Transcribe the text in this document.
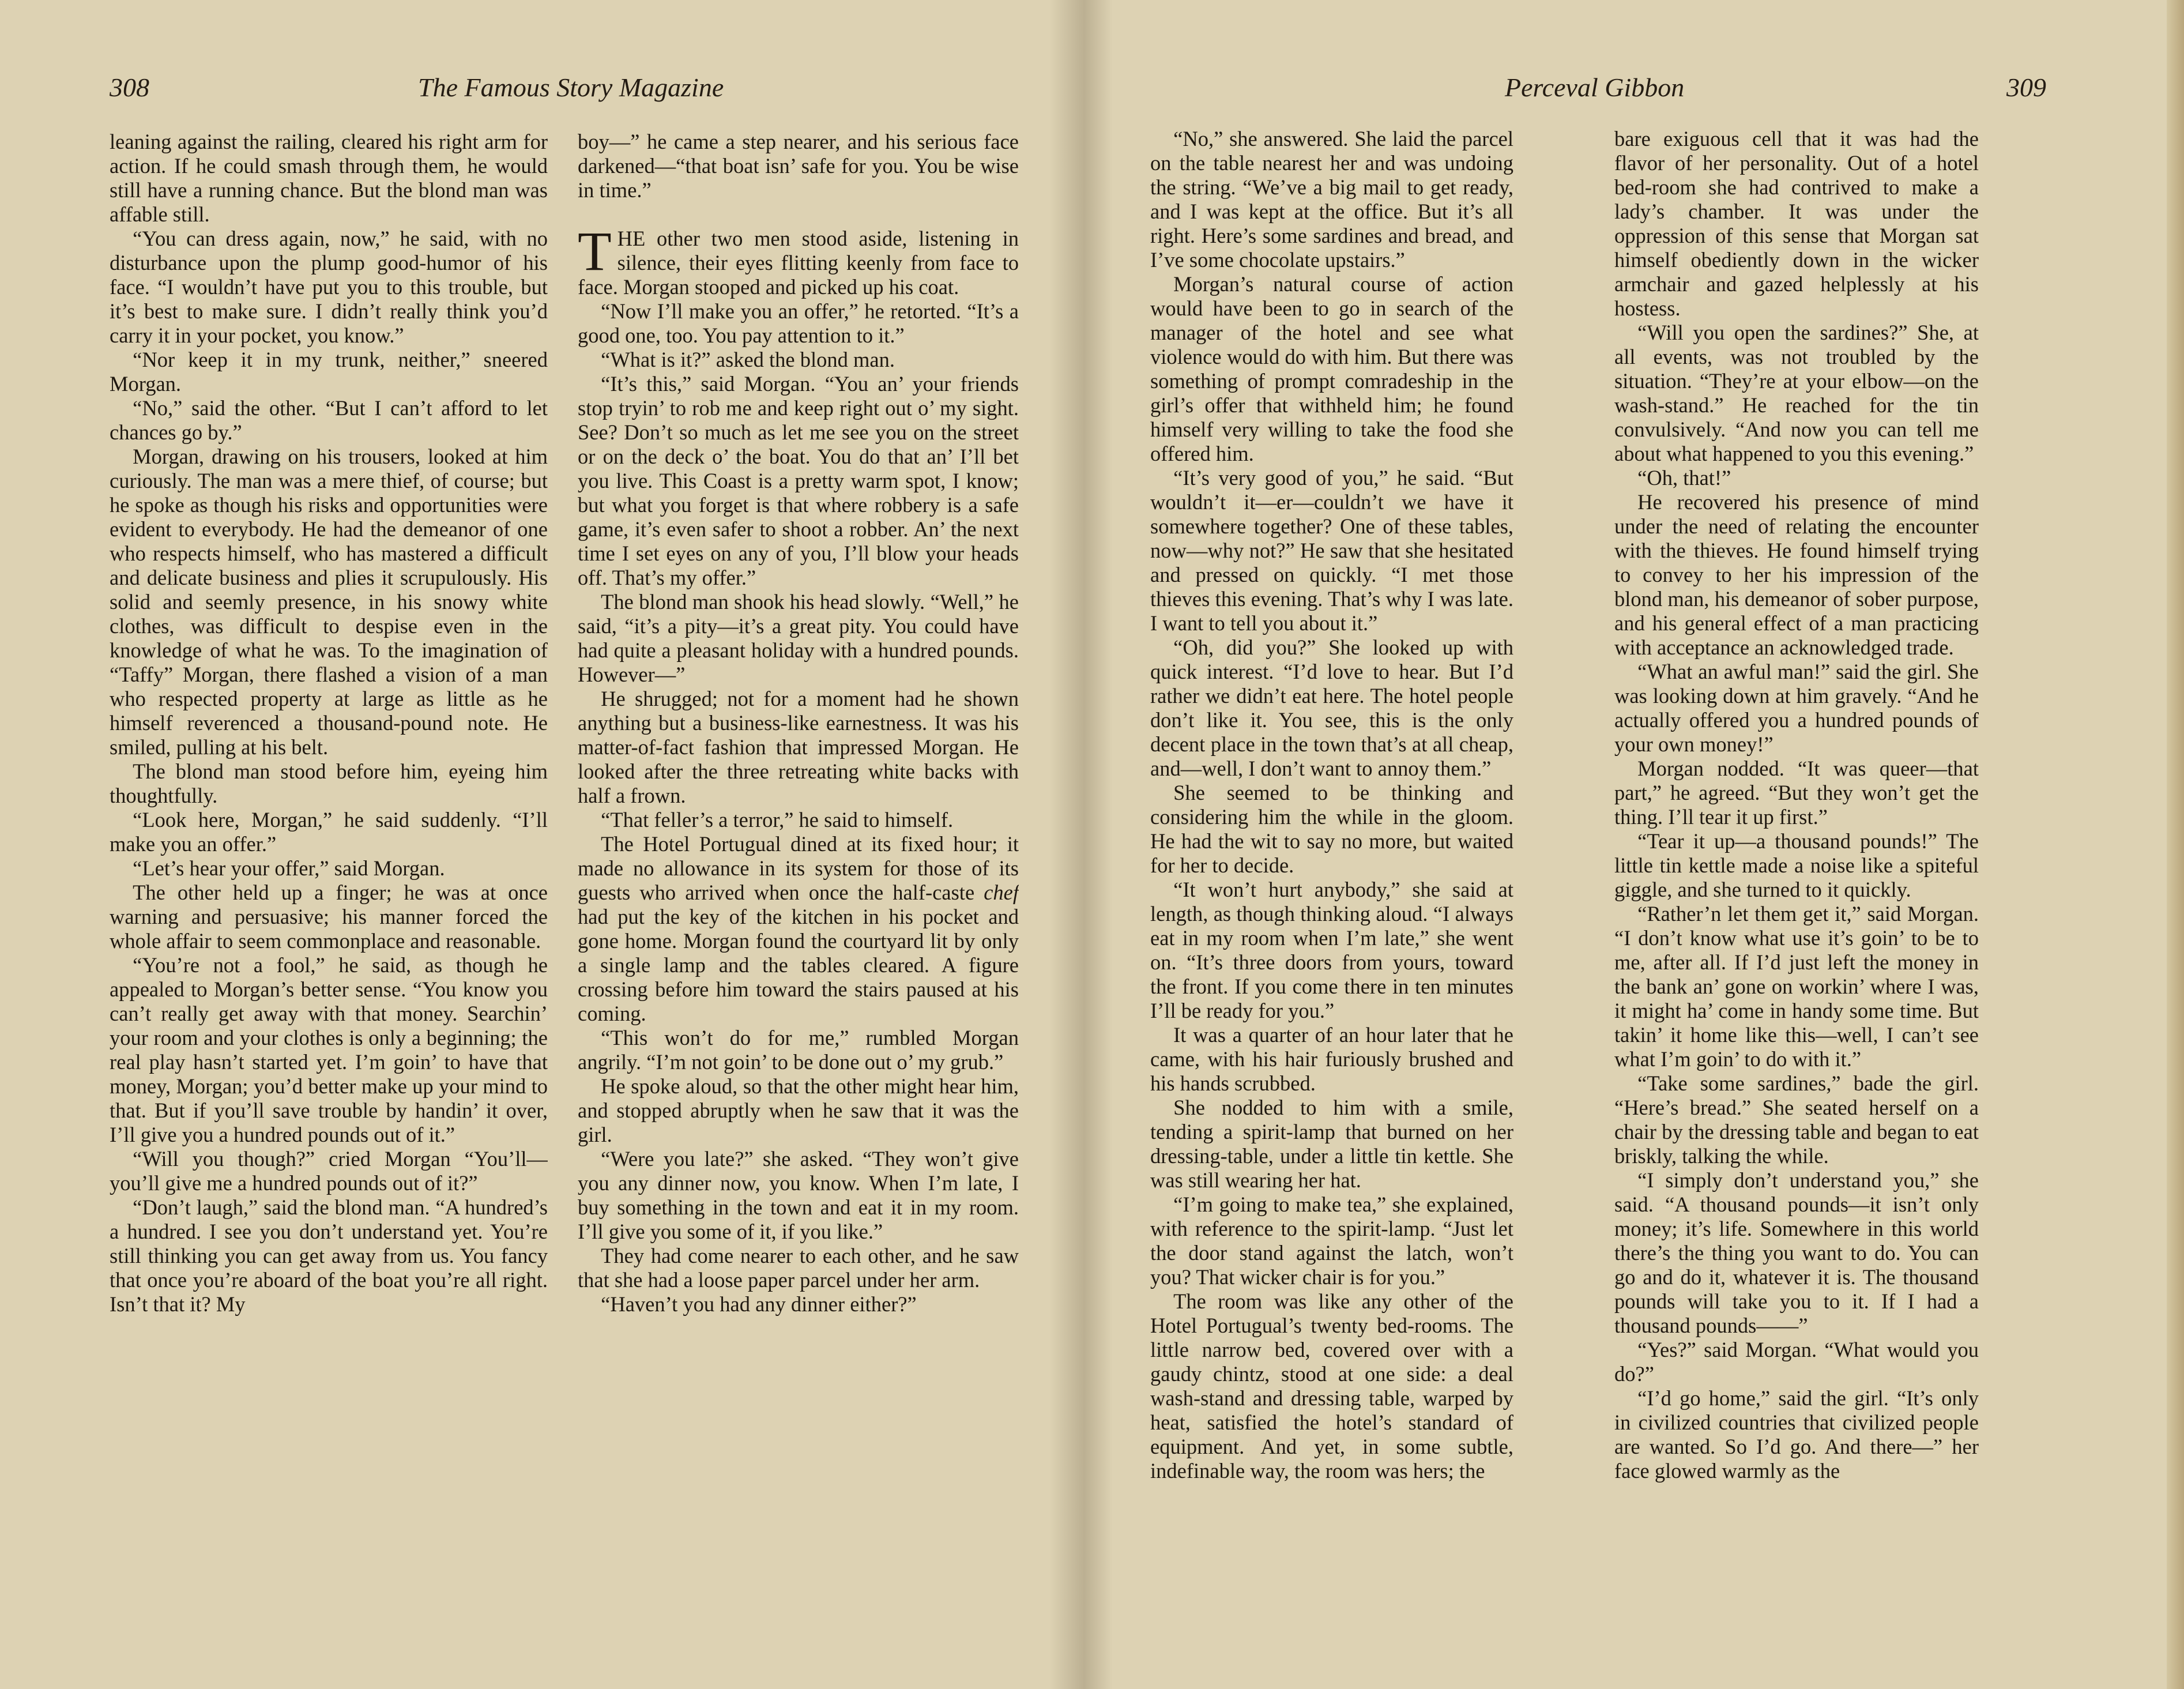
308	The Famous Story Magazine

leaning against the railing, cleared his right arm for action. If he could smash through them, he would still have a running chance. But the blond man was affable still.

“You can dress again, now,” he said, with no disturbance upon the plump good-humor of his face. “I wouldn’t have put you to this trouble, but it’s best to make sure. I didn’t really think you’d carry it in your pocket, you know.”

“Nor keep it in my trunk, neither,” sneered Morgan.

“No,” said the other. “But I can’t afford to let chances go by.”

Morgan, drawing on his trousers, looked at him curiously. The man was a mere thief, of course; but he spoke as though his risks and opportunities were evident to everybody. He had the demeanor of one who respects himself, who has mastered a difficult and delicate business and plies it scrupulously. His solid and seemly presence, in his snowy white clothes, was difficult to despise even in the knowledge of what he was. To the imagination of “Taffy” Morgan, there flashed a vision of a man who respected property at large as little as he himself reverenced a thousand-pound note. He smiled, pulling at his belt.

The blond man stood before him, eyeing him thoughtfully.

“Look here, Morgan,” he said suddenly. “I’ll make you an offer.”

“Let’s hear your offer,” said Morgan.

The other held up a finger; he was at once warning and persuasive; his manner forced the whole affair to seem commonplace and reasonable.

“You’re not a fool,” he said, as though he appealed to Morgan’s better sense. “You know you can’t really get away with that money. Searchin’ your room and your clothes is only a beginning; the real play hasn’t started yet. I’m goin’ to have that money, Morgan; you’d better make up your mind to that. But if you’ll save trouble by handin’ it over, I’ll give you a hundred pounds out of it.”

“Will you though?” cried Morgan “You’ll—you’ll give me a hundred pounds out of it?”

“Don’t laugh,” said the blond man. “A hundred’s a hundred. I see you don’t understand yet. You’re still thinking you can get away from us. You fancy that once you’re aboard of the boat you’re all right. Isn’t that it? My

boy—” he came a step nearer, and his serious face darkened—“that boat isn’ safe for you. You be wise in time.”

THE other two men stood aside, listening in silence, their eyes flitting keenly from face to face. Morgan stooped and picked up his coat.

“Now I’ll make you an offer,” he retorted. “It’s a good one, too. You pay attention to it.”

“What is it?” asked the blond man.

“It’s this,” said Morgan. “You an’ your friends stop tryin’ to rob me and keep right out o’ my sight. See? Don’t so much as let me see you on the street or on the deck o’ the boat. You do that an’ I’ll bet you live. This Coast is a pretty warm spot, I know; but what you forget is that where robbery is a safe game, it’s even safer to shoot a robber. An’ the next time I set eyes on any of you, I’ll blow your heads off. That’s my offer.”

The blond man shook his head slowly. “Well,” he said, “it’s a pity—it’s a great pity. You could have had quite a pleasant holiday with a hundred pounds. However—”

He shrugged; not for a moment had he shown anything but a business-like earnestness. It was his matter-of-fact fashion that impressed Morgan. He looked after the three retreating white backs with half a frown.

“That feller’s a terror,” he said to himself.

The Hotel Portugual dined at its fixed hour; it made no allowance in its system for those of its guests who arrived when once the half-caste chef had put the key of the kitchen in his pocket and gone home. Morgan found the courtyard lit by only a single lamp and the tables cleared. A figure crossing before him toward the stairs paused at his coming.

“This won’t do for me,” rumbled Morgan angrily. “I’m not goin’ to be done out o’ my grub.”

He spoke aloud, so that the other might hear him, and stopped abruptly when he saw that it was the girl.

“Were you late?” she asked. “They won’t give you any dinner now, you know. When I’m late, I buy something in the town and eat it in my room. I’ll give you some of it, if you like.”

They had come nearer to each other, and he saw that she had a loose paper parcel under her arm.

“Haven’t you had any dinner either?”

Perceval Gibbon	309

“No,” she answered. She laid the parcel on the table nearest her and was undoing the string. “We’ve a big mail to get ready, and I was kept at the office. But it’s all right. Here’s some sardines and bread, and I’ve some chocolate upstairs.”

Morgan’s natural course of action would have been to go in search of the manager of the hotel and see what violence would do with him. But there was something of prompt comradeship in the girl’s offer that withheld him; he found himself very willing to take the food she offered him.

“It’s very good of you,” he said. “But wouldn’t it—er—couldn’t we have it somewhere together? One of these tables, now—why not?” He saw that she hesitated and pressed on quickly. “I met those thieves this evening. That’s why I was late. I want to tell you about it.”

“Oh, did you?” She looked up with quick interest. “I’d love to hear. But I’d rather we didn’t eat here. The hotel people don’t like it. You see, this is the only decent place in the town that’s at all cheap, and—well, I don’t want to annoy them.”

She seemed to be thinking and considering him the while in the gloom. He had the wit to say no more, but waited for her to decide.

“It won’t hurt anybody,” she said at length, as though thinking aloud. “I always eat in my room when I’m late,” she went on. “It’s three doors from yours, toward the front. If you come there in ten minutes I’ll be ready for you.”

It was a quarter of an hour later that he came, with his hair furiously brushed and his hands scrubbed.

She nodded to him with a smile, tending a spirit-lamp that burned on her dressing-table, under a little tin kettle. She was still wearing her hat.

“I’m going to make tea,” she explained, with reference to the spirit-lamp. “Just let the door stand against the latch, won’t you? That wicker chair is for you.”

The room was like any other of the Hotel Portugual’s twenty bed-rooms. The little narrow bed, covered over with a gaudy chintz, stood at one side: a deal wash-stand and dressing table, warped by heat, satisfied the hotel’s standard of equipment. And yet, in some subtle, indefinable way, the room was hers; the

bare exiguous cell that it was had the flavor of her personality. Out of a hotel bed-room she had contrived to make a lady’s chamber. It was under the oppression of this sense that Morgan sat himself obediently down in the wicker armchair and gazed helplessly at his hostess.

“Will you open the sardines?” She, at all events, was not troubled by the situation. “They’re at your elbow—on the wash-stand.” He reached for the tin convulsively. “And now you can tell me about what happened to you this evening.”

“Oh, that!”

He recovered his presence of mind under the need of relating the encounter with the thieves. He found himself trying to convey to her his impression of the blond man, his demeanor of sober purpose, and his general effect of a man practicing with acceptance an acknowledged trade.

“What an awful man!” said the girl. She was looking down at him gravely. “And he actually offered you a hundred pounds of your own money!”

Morgan nodded. “It was queer—that part,” he agreed. “But they won’t get the thing. I’ll tear it up first.”

“Tear it up—a thousand pounds!” The little tin kettle made a noise like a spiteful giggle, and she turned to it quickly.

“Rather’n let them get it,” said Morgan. “I don’t know what use it’s goin’ to be to me, after all. If I’d just left the money in the bank an’ gone on workin’ where I was, it might ha’ come in handy some time. But takin’ it home like this—well, I can’t see what I’m goin’ to do with it.”

“Take some sardines,” bade the girl. “Here’s bread.” She seated herself on a chair by the dressing table and began to eat briskly, talking the while.

“I simply don’t understand you,” she said. “A thousand pounds—it isn’t only money; it’s life. Somewhere in this world there’s the thing you want to do. You can go and do it, whatever it is. The thousand pounds will take you to it. If I had a thousand pounds——”

“Yes?” said Morgan. “What would you do?”

“I’d go home,” said the girl. “It’s only in civilized countries that civilized people are wanted. So I’d go. And there—” her face glowed warmly as the
